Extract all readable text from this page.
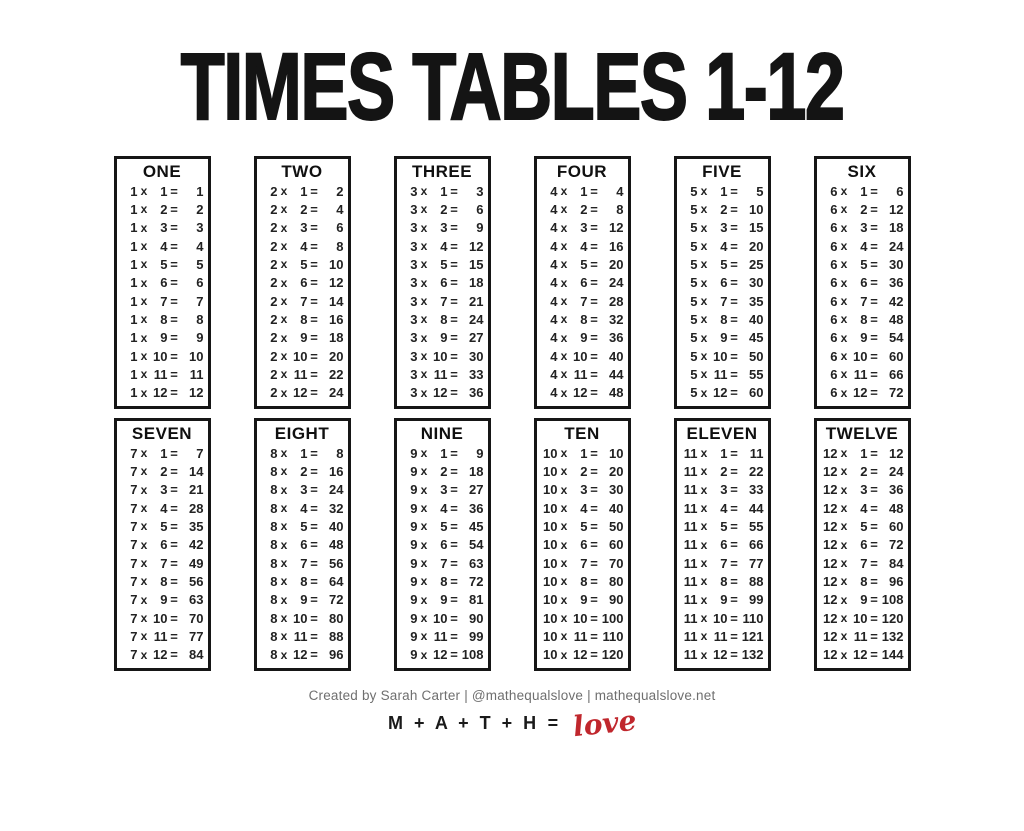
TIMES TABLES 1-12
ONE
1 x 1 =	1
1 x 2 =	2
1 x 3 =	3
1 x 4 =	4
1 x 5 =	5
1 x 6 =	6
1 x 7 =	7
1 x 8 =	8
1 x 9 =	9
1 x 10 = 10
1 x 11 = 11
1 x 12 = 12
TWO
2 x 1 =	2
2 x 2 =	4
2 x 3 =	6
2 x 4 =	8
2 x 5 = 10
2 x 6 = 12
2 x 7 = 14
2 x 8 = 16
2 x 9 = 18
2 x 10 = 20
2 x 11 = 22
2 x 12 = 24
THREE
3 x 1 =	3
3 x 2 =	6
3 x 3 =	9
3 x 4 = 12
3 x 5 = 15
3 x 6 = 18
3 x 7 = 21
3 x 8 = 24
3 x 9 = 27
3 x 10 = 30
3 x 11 = 33
3 x 12 = 36
FOUR
4 x 1 =	4
4 x 2 =	8
4 x 3 = 12
4 x 4 = 16
4 x 5 = 20
4 x 6 = 24
4 x 7 = 28
4 x 8 = 32
4 x 9 = 36
4 x 10 = 40
4 x 11 = 44
4 x 12 = 48
FIVE
5 x 1 =	5
5 x 2 = 10
5 x 3 = 15
5 x 4 = 20
5 x 5 = 25
5 x 6 = 30
5 x 7 = 35
5 x 8 = 40
5 x 9 = 45
5 x 10 = 50
5 x 11 = 55
5 x 12 = 60
SIX
6 x 1 =	6
6 x 2 = 12
6 x 3 = 18
6 x 4 = 24
6 x 5 = 30
6 x 6 = 36
6 x 7 = 42
6 x 8 = 48
6 x 9 = 54
6 x 10 = 60
6 x 11 = 66
6 x 12 = 72
SEVEN
7 x 1 =	7
7 x 2 = 14
7 x 3 = 21
7 x 4 = 28
7 x 5 = 35
7 x 6 = 42
7 x 7 = 49
7 x 8 = 56
7 x 9 = 63
7 x 10 = 70
7 x 11 = 77
7 x 12 = 84
EIGHT
8 x 1 =	8
8 x 2 = 16
8 x 3 = 24
8 x 4 = 32
8 x 5 = 40
8 x 6 = 48
8 x 7 = 56
8 x 8 = 64
8 x 9 = 72
8 x 10 = 80
8 x 11 = 88
8 x 12 = 96
NINE
9 x 1 =	9
9 x 2 = 18
9 x 3 = 27
9 x 4 = 36
9 x 5 = 45
9 x 6 = 54
9 x 7 = 63
9 x 8 = 72
9 x 9 = 81
9 x 10 = 90
9 x 11 = 99
9 x 12 = 108
TEN
10 x 1 = 10
10 x 2 = 20
10 x 3 = 30
10 x 4 = 40
10 x 5 = 50
10 x 6 = 60
10 x 7 = 70
10 x 8 = 80
10 x 9 = 90
10 x 10 = 100
10 x 11 = 110
10 x 12 = 120
ELEVEN
11 x 1 = 11
11 x 2 = 22
11 x 3 = 33
11 x 4 = 44
11 x 5 = 55
11 x 6 = 66
11 x 7 = 77
11 x 8 = 88
11 x 9 = 99
11 x 10 = 110
11 x 11 = 121
11 x 12 = 132
TWELVE
12 x 1 = 12
12 x 2 = 24
12 x 3 = 36
12 x 4 = 48
12 x 5 = 60
12 x 6 = 72
12 x 7 = 84
12 x 8 = 96
12 x 9 = 108
12 x 10 = 120
12 x 11 = 132
12 x 12 = 144
Created by Sarah Carter | @mathequalslove | mathequalslove.net
M + A + T + H = love
